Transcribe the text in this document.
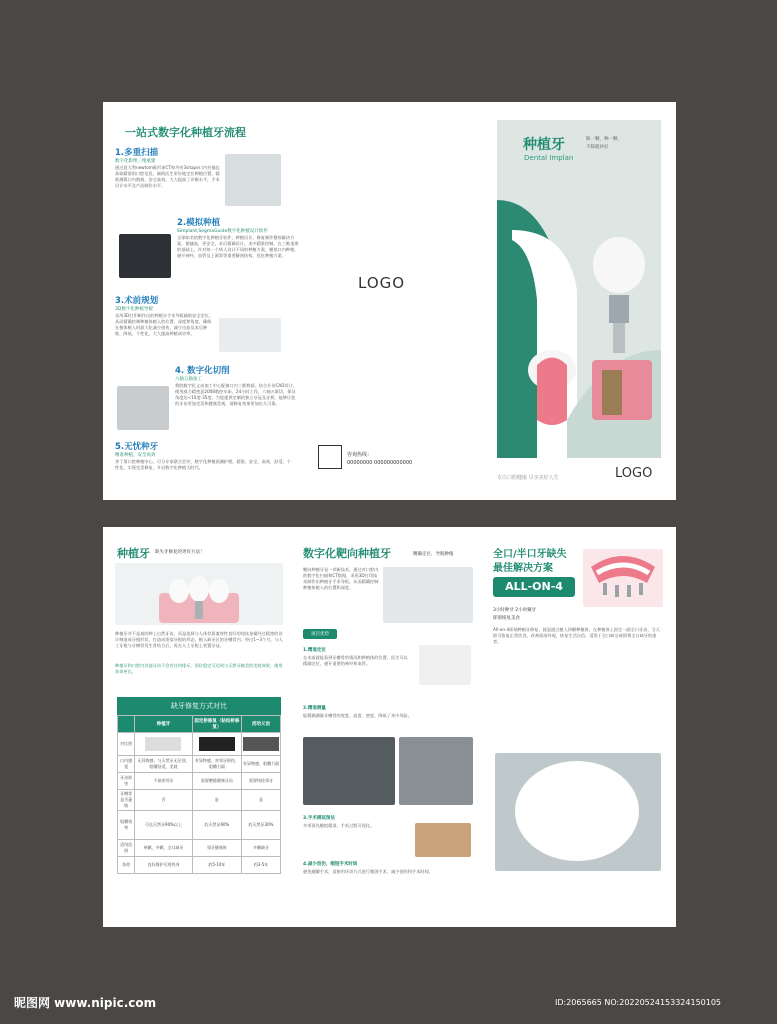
一站式数字化种植牙流程

1.多重扫描

数字化影像三维重建

通过意大利newtom锥形束CT和丹麦3shape口内扫描仪获取精准的口腔信息，辅助医生更好地定位种植位置，精准测算口内数据，安全高效，大大提高了诊断水平，手术设计水平及产品制作水平。

2.模拟种植

Simplant,SegmaGuide数字化种植设计软件

全球知名的数字化种植牙软件，种植设计，修复制作整体解决方案，便捷高，更安全，术后精确设计，术中精准控制。在三维重建的基础上，针对每一个病人设计不同的种植方案，模拟口内种植，避开神经，血管及上颌窦等重要解剖结构，优化种植方案。

3.术前规划

3D数字化种植导板

采用3D打印制作出的种植牙手术导板辅助安全定位，从而精确控制种植体植入的位置，深度和角度，确保在植体植入时最大化减少创伤，减少出血及术后肿胀，降低，个性化，大大提高种植成功率。

4. 数字化切削

六轴五轴加工

我院数字化义齿加工中心配备口内三维数据，结合专业CAD设计，使用威力精密意2008数控车床，24小时工作，六轴五联切，保证角度达<15度-35度，为您提供定制的独立牙冠及牙桥，能够让您的牙齿更加完美和健康美观，使修复效果更加长久可靠。

5.无忧种牙

精准种植，安全高效

齐亍第口腔种植中心，可分专家联合会诊，数字化种植预测护理，精准，安全，高效，舒适，个性化，实现完美修复，开启数字化种植大时代。

LOGO

咨询热线：

00000000 000000000000

种植牙

Dental Implan

缺一颗，种一颗，

不缺就补好

专注口腔健康 尽享美好人生	LOGO

种植牙 缺失牙修复的更好方法！

种植牙并不是真的种上自然牙齿，而是选择与人体骨质兼容性良好的纯钛金属经过精密的设计制造成牙根形状，打造成类似牙根的形态，植入缺牙区的牙槽骨内，经过1~3个月，与人工牙根与牙槽骨发生骨结合后，再在人工牙根上装置牙冠。

种植牙和口腔内其他牙齿不会有任何排斥，固位稳定可达到与天然牙媲美的美观效果，使用寿命更长。

缺牙修复方式对比

	种植牙	固定桥修复（粘结桥修复）	活动义齿
对比图	

口内感觉	无异物感，与天然牙无区别，咀嚼舒适，美观	有异物感，对邻牙损伤，咀嚼力弱	有异物感，咀嚼力弱
牙齿损害	不损害邻牙	需要磨除健康牙齿	需要钩挂邻牙
牙槽骨是否萎缩	否	是	是
咀嚼效率	可达天然牙90%以上	约天然牙60%	约天然牙30%
适用范围	单颗、多颗、全口缺牙	邻牙健康时	多颗缺牙
寿命	良好维护可用终身	约5-10年	约3-5年

数字化靶向种植牙	精确定位，导航种植

靶向种植牙是一项新技术，通过对口腔内的数字化扫描和CT数据，采用3D打印技术制作出种植牙手术导板，从而精确控制种植体植入的位置和深度。

项目优势

1.精准定位

在术前就能看到牙槽骨的情况和种植体的位置，医生可以精确定位，避开重要的神经和血管。

2.精准测量

能精确测量牙槽骨的宽度、高度、密度，降低了术中风险。

3.手术模拟预估

多项预先模拟精准，手术过程可视化。

4.减少创伤，缩短手术时间

避免翻瓣手术，直接用环切方式进行微创手术，减少创伤和手术时间。

全口/半口牙缺失

最佳解决方案

ALL-ON-4

3小时种牙 2小时戴牙

即刻恢复美食

All-on-4即刻种植牙修复，就是通过植入四颗种植体，在种植体上固定一副全口牙齿，当天即可恢复正常饮食，改善面部外观，恢复生活自信。适用于全口缺牙或即将全口缺牙的患者。

昵图网 www.nipic.com	ID:2065665 NO:20220524153324150105
